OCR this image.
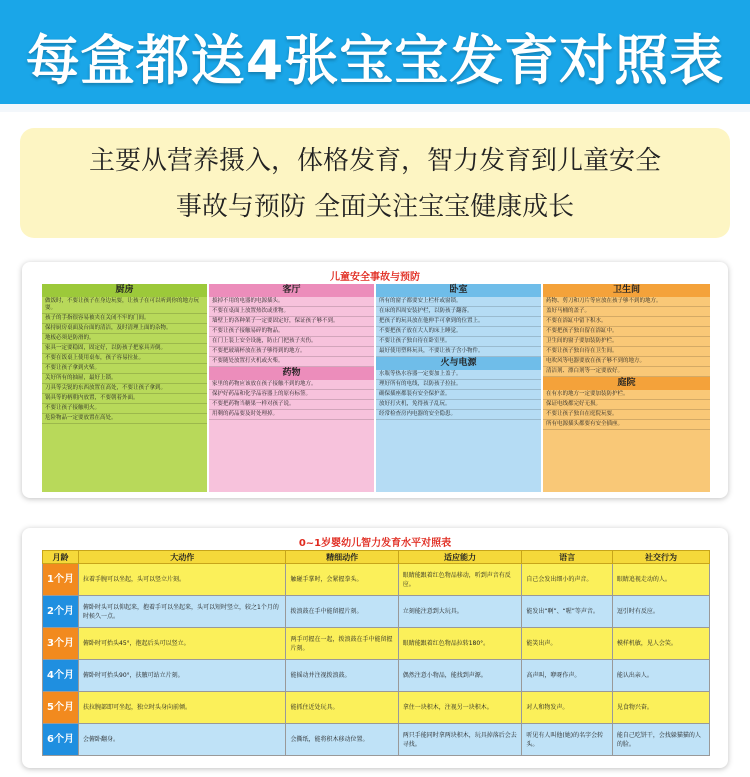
每盒都送4张宝宝发育对照表

主要从营养摄入，体格发育，智力发育到儿童安全

事故与预防 全面关注宝宝健康成长

儿童安全事故与预防
厨房
做饭时，不要让孩子在身边玩耍，让孩子在可以听到你的地方玩耍。
孩子的手指很容易被夹在关闭不牢的门间。
保持厨房桌面及台面的清洁，及时清理上面的杂物。
地板必须是防滑的。
家具一定要稳固，固定好，以防孩子把家具弄倒。
不要在饭桌上使用桌布，孩子容易拉扯。
不要让孩子拿到火柴。
关好所有的抽屉，最好上锁。
刀具等尖锐的东西放置在高处，不要让孩子拿到。
锅具等的柄朝内放置，不要朝着外面。
不要让孩子接触明火。
危险物品一定要放置在高处。
客厅
拔掉不用的电器的电源插头。
不要在桌面上放置热饮或重物。
墙壁上的各种架子一定要固定好，保证孩子够不到。
不要让孩子接触易碎的物品。
在门上装上安全设施，防止门把孩子夹伤。
不要把玻璃杯放在孩子够得到的地方。
不要随处放置打火机或火柴。
药物
家里的药物应该放在孩子接触不到的地方。
保护好药品和化学品容器上的原有标签。
不要把药物当糖果一样对孩子说。
用剩的药品要及时处理掉。
卧室
所有的窗子都要安上栏杆或窗锁。
在床的四周安装护栏，以防孩子翻落。
把孩子的玩具放在他伸手可拿到的位置上。
不要把孩子放在大人的床上睡觉。
不要让孩子独自待在卧室里。
最好使用塑料玩具，不要让孩子含小物件。
火与电源
水瓶等热水容器一定要加上盖子。
理好所有的电线，以防孩子拉扯。
确保插座都装有安全保护盖。
放好打火机，免得孩子乱玩。
经常检查房内电器的安全隐患。
卫生间
药物、剪刀和刀片等应放在孩子够不到的地方。
盖好马桶的盖子。
不要在浴缸中留下积水。
不要把孩子独自留在浴缸中。
卫生间的窗子要加装防护栏。
不要让孩子独自待在卫生间。
电吹风等电器要放在孩子够不到的地方。
清洁剂、漂白剂等一定要放好。
庭院
在有水的地方一定要加装防护栏。
保证电线都完好无损。
不要让孩子独自在庭院玩耍。
所有电源插头都要有安全插座。
0~1岁婴幼儿智力发育水平对照表
月龄	大动作	精细动作	适应能力	语言	社交行为
1个月	拉着手腕可以坐起，头可以竖立片刻。	触碰手掌时，会紧握拳头。	眼睛能跟着红色物品移动，听到声音有反应。	自己会发出细小的声音。	眼睛追视走动的人。
2个月	俯卧时头可以仰起来，抱着手可以坐起来，头可以短时竖立，较之1个月的时候久一点。	拨浪鼓在手中能留握片刻。	立刻能注意到大玩具。	能发出“啊”、“喔”等声音。	逗引时有反应。
3个月	俯卧时可抬头45°，抱起后头可以竖立。	两手可握在一起，拨浪鼓在手中能留握片刻。	眼睛能跟着红色物品拉转180°。	能笑出声。	模样机敏，见人会笑。
4个月	俯卧时可抬头90°，扶腋可站立片刻。	能摇动并注视拨浪鼓。	偶然注意小物品，能找到声源。	高声叫，咿呀作声。	能认出亲人。
5个月	扶拉腕部即可坐起，独立时头身向前倾。	能抓住近处玩具。	拿住一块积木，注视另一块积木。	对人和物发声。	见食物兴奋。
6个月	会俯卧翻身。	会撕纸，能将积木移动位置。	两只手能同时拿两块积木，玩具掉落后会去寻找。	听见有人叫他(她)的名字会转头。	能自己吃饼干，会找躲猫猫的人的脸。
